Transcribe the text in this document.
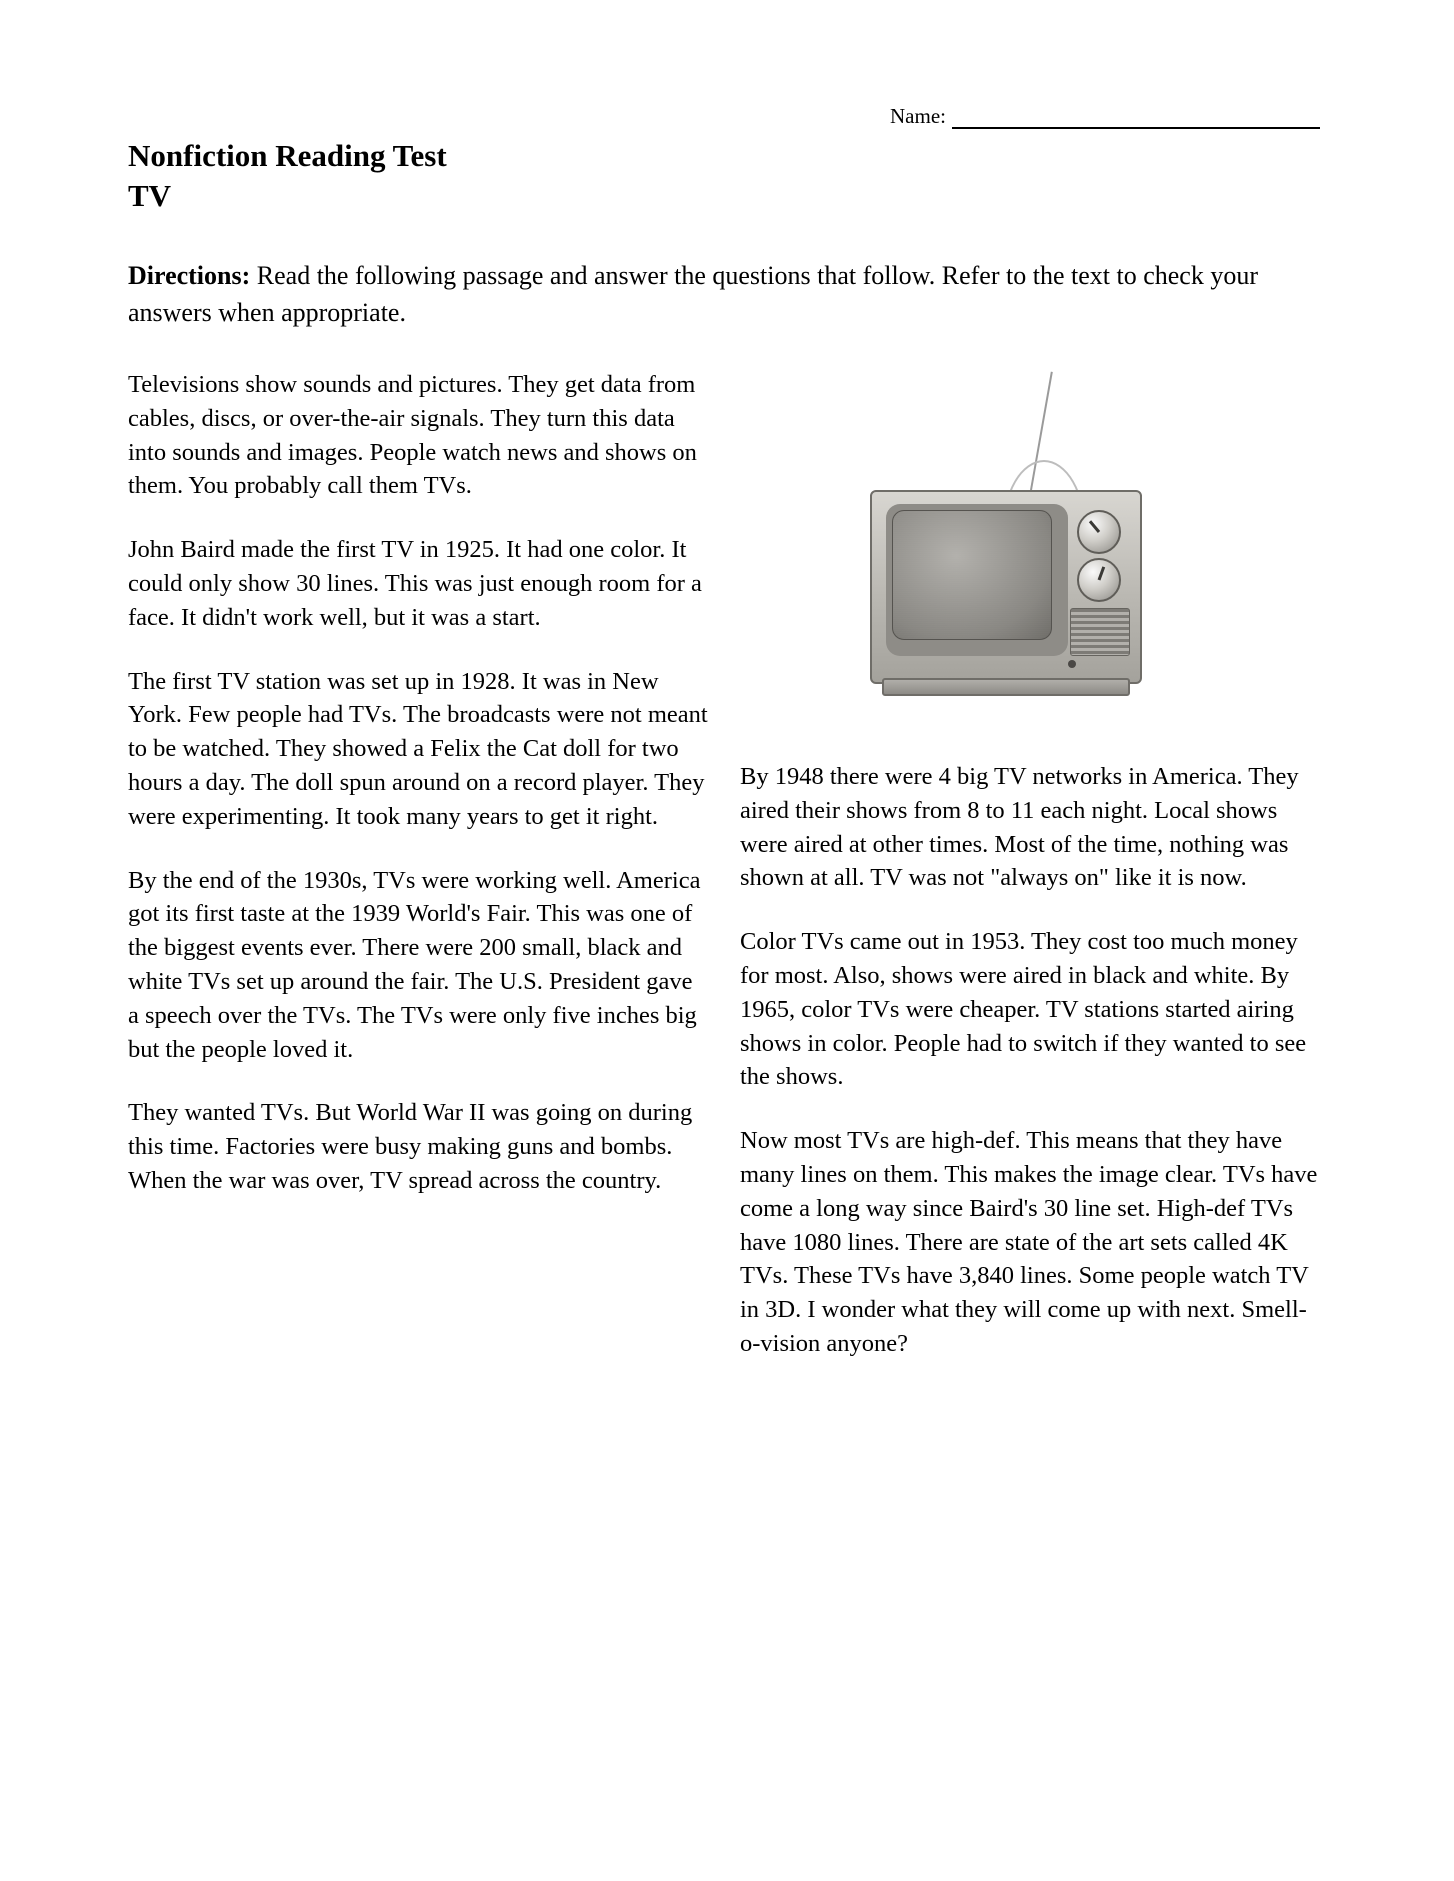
Name:
Nonfiction Reading Test
TV
Directions: Read the following passage and answer the questions that follow. Refer to the text to check your answers when appropriate.

Televisions show sounds and pictures. They get data from cables, discs, or over-the-air signals. They turn this data into sounds and images. People watch news and shows on them. You probably call them TVs.

John Baird made the first TV in 1925. It had one color. It could only show 30 lines. This was just enough room for a face. It didn't work well, but it was a start.

The first TV station was set up in 1928. It was in New York. Few people had TVs. The broadcasts were not meant to be watched. They showed a Felix the Cat doll for two hours a day. The doll spun around on a record player. They were experimenting. It took many years to get it right.

By the end of the 1930s, TVs were working well. America got its first taste at the 1939 World's Fair. This was one of the biggest events ever. There were 200 small, black and white TVs set up around the fair. The U.S. President gave a speech over the TVs. The TVs were only five inches big but the people loved it.

They wanted TVs. But World War II was going on during this time. Factories were busy making guns and bombs. When the war was over, TV spread across the country.

By 1948 there were 4 big TV networks in America. They aired their shows from 8 to 11 each night. Local shows were aired at other times. Most of the time, nothing was shown at all. TV was not "always on" like it is now.

Color TVs came out in 1953. They cost too much money for most. Also, shows were aired in black and white. By 1965, color TVs were cheaper. TV stations started airing shows in color. People had to switch if they wanted to see the shows.

Now most TVs are high-def. This means that they have many lines on them. This makes the image clear. TVs have come a long way since Baird's 30 line set. High-def TVs have 1080 lines. There are state of the art sets called 4K TVs. These TVs have 3,840 lines. Some people watch TV in 3D. I wonder what they will come up with next. Smell-o-vision anyone?
